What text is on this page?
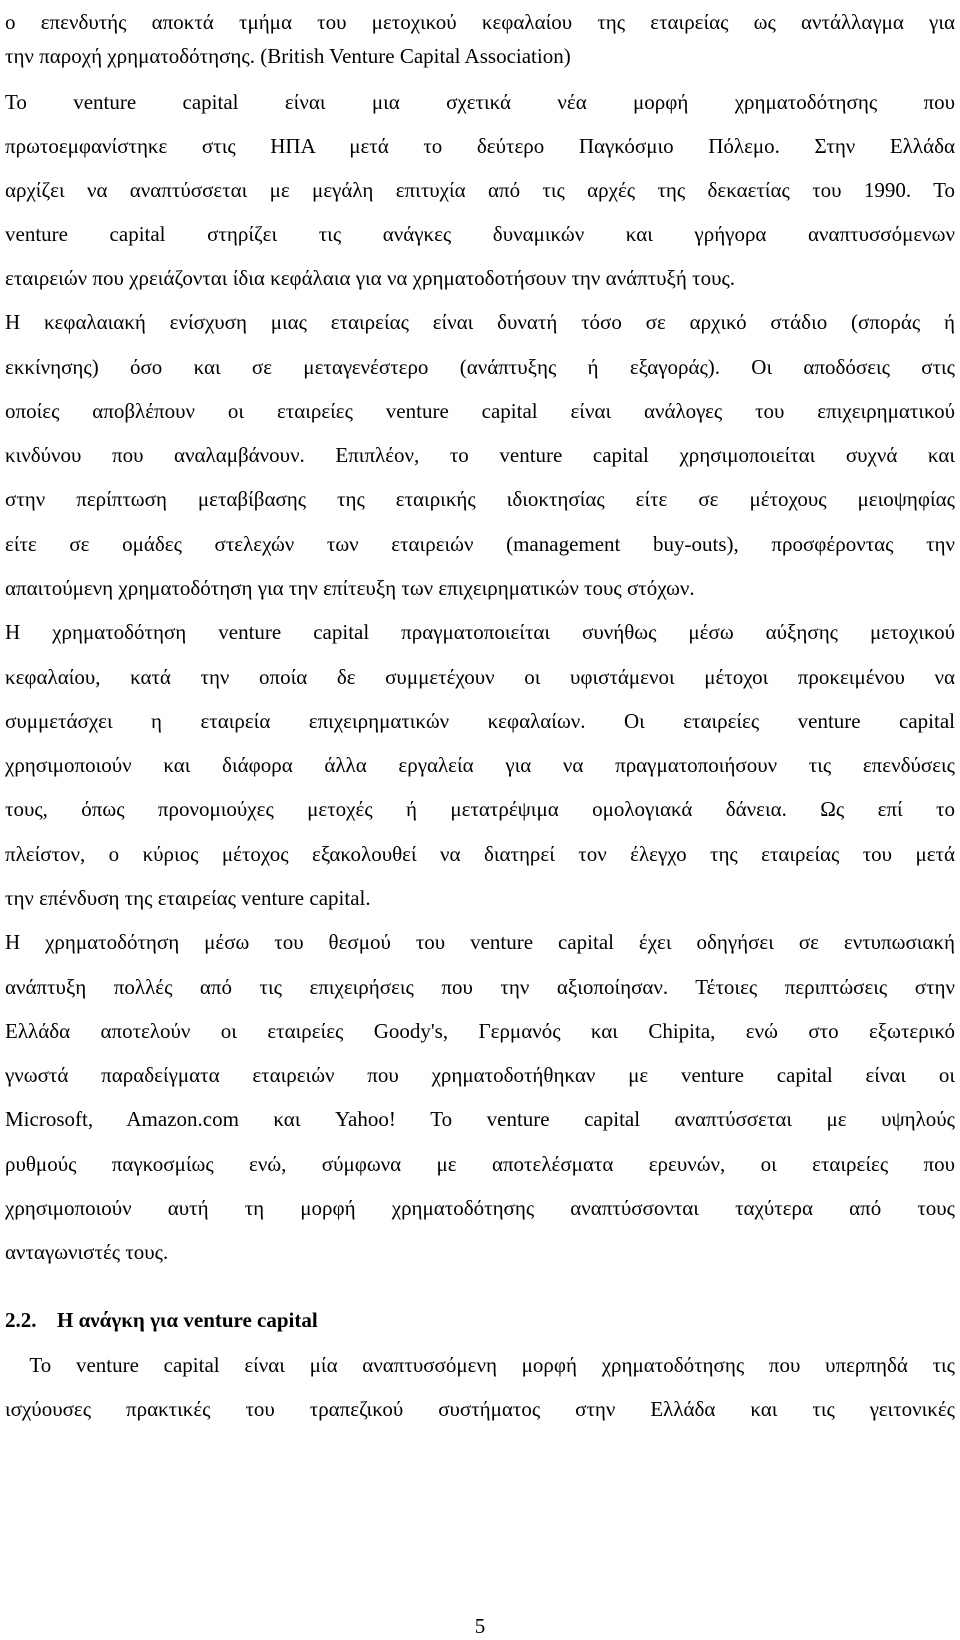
ο επενδυτής αποκτά τμήμα του μετοχικού κεφαλαίου της εταιρείας ως αντάλλαγμα για
την παροχή χρηματοδότησης. (British Venture Capital Association)
Το venture capital είναι μια σχετικά νέα μορφή χρηματοδότησης που
πρωτοεμφανίστηκε στις ΗΠΑ μετά το δεύτερο Παγκόσμιο Πόλεμο. Στην Ελλάδα
αρχίζει να αναπτύσσεται με μεγάλη επιτυχία από τις αρχές της δεκαετίας του 1990. Το
venture capital στηρίζει τις ανάγκες δυναμικών και γρήγορα αναπτυσσόμενων
εταιρειών που χρειάζονται ίδια κεφάλαια για να χρηματοδοτήσουν την ανάπτυξή τους.
Η κεφαλαιακή ενίσχυση μιας εταιρείας είναι δυνατή τόσο σε αρχικό στάδιο (σποράς ή
εκκίνησης) όσο και σε μεταγενέστερο (ανάπτυξης ή εξαγοράς). Οι αποδόσεις στις
οποίες αποβλέπουν οι εταιρείες venture capital είναι ανάλογες του επιχειρηματικού
κινδύνου που αναλαμβάνουν. Επιπλέον, το venture capital χρησιμοποιείται συχνά και
στην περίπτωση μεταβίβασης της εταιρικής ιδιοκτησίας είτε σε μέτοχους μειοψηφίας
είτε σε ομάδες στελεχών των εταιρειών (management buy-outs), προσφέροντας την
απαιτούμενη χρηματοδότηση για την επίτευξη των επιχειρηματικών τους στόχων.
Η χρηματοδότηση venture capital πραγματοποιείται συνήθως μέσω αύξησης μετοχικού
κεφαλαίου, κατά την οποία δε συμμετέχουν οι υφιστάμενοι μέτοχοι προκειμένου να
συμμετάσχει η εταιρεία επιχειρηματικών κεφαλαίων. Οι εταιρείες venture capital
χρησιμοποιούν και διάφορα άλλα εργαλεία για να πραγματοποιήσουν τις επενδύσεις
τους, όπως προνομιούχες μετοχές ή μετατρέψιμα ομολογιακά δάνεια. Ως επί το
πλείστον, ο κύριος μέτοχος εξακολουθεί να διατηρεί τον έλεγχο της εταιρείας του μετά
την επένδυση της εταιρείας venture capital.
Η χρηματοδότηση μέσω του θεσμού του venture capital έχει οδηγήσει σε εντυπωσιακή
ανάπτυξη πολλές από τις επιχειρήσεις που την αξιοποίησαν. Τέτοιες περιπτώσεις στην
Ελλάδα αποτελούν οι εταιρείες Goody's, Γερμανός και Chipita, ενώ στο εξωτερικό
γνωστά παραδείγματα εταιρειών που χρηματοδοτήθηκαν με venture capital είναι οι
Microsoft, Amazon.com και Yahoo! Το venture capital αναπτύσσεται με υψηλούς
ρυθμούς παγκοσμίως ενώ, σύμφωνα με αποτελέσματα ερευνών, οι εταιρείες που
χρησιμοποιούν αυτή τη μορφή χρηματοδότησης αναπτύσσονται ταχύτερα από τους
ανταγωνιστές τους.
2.2. Η ανάγκη για venture capital
Το venture capital είναι μία αναπτυσσόμενη μορφή χρηματοδότησης που υπερπηδά τις
ισχύουσες πρακτικές του τραπεζικού συστήματος στην Ελλάδα και τις γειτονικές
5
